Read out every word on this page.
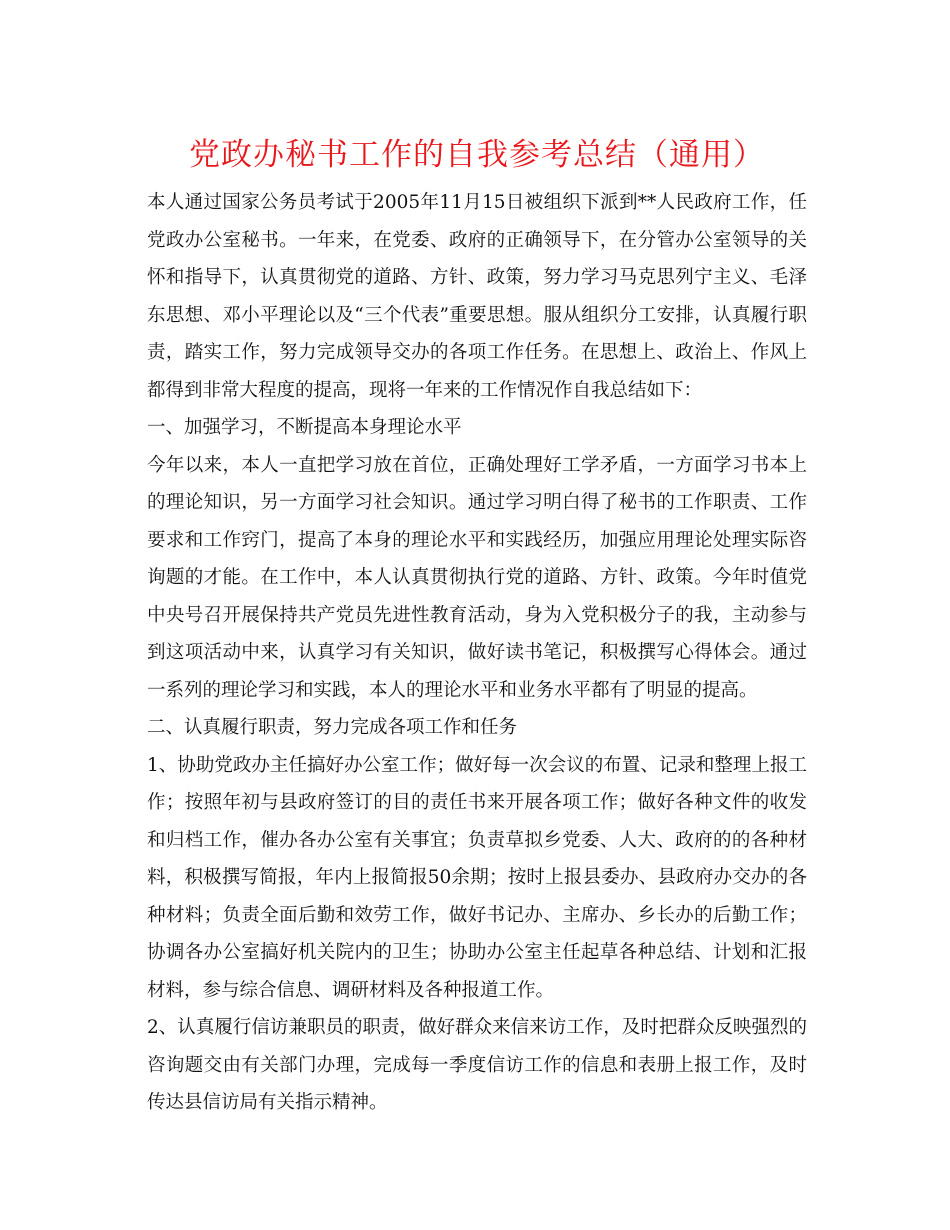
党政办秘书工作的自我参考总结（通用）

本人通过国家公务员考试于2005年11月15日被组织下派到**人民政府工作，任党政办公室秘书。一年来，在党委、政府的正确领导下，在分管办公室领导的关怀和指导下，认真贯彻党的道路、方针、政策，努力学习马克思列宁主义、毛泽东思想、邓小平理论以及“三个代表”重要思想。服从组织分工安排，认真履行职责，踏实工作，努力完成领导交办的各项工作任务。在思想上、政治上、作风上都得到非常大程度的提高，现将一年来的工作情况作自我总结如下：

一、加强学习，不断提高本身理论水平

今年以来，本人一直把学习放在首位，正确处理好工学矛盾，一方面学习书本上的理论知识，另一方面学习社会知识。通过学习明白得了秘书的工作职责、工作要求和工作窍门，提高了本身的理论水平和实践经历，加强应用理论处理实际咨询题的才能。在工作中，本人认真贯彻执行党的道路、方针、政策。今年时值党中央号召开展保持共产党员先进性教育活动，身为入党积极分子的我，主动参与到这项活动中来，认真学习有关知识，做好读书笔记，积极撰写心得体会。通过一系列的理论学习和实践，本人的理论水平和业务水平都有了明显的提高。

二、认真履行职责，努力完成各项工作和任务

1、协助党政办主任搞好办公室工作；做好每一次会议的布置、记录和整理上报工作；按照年初与县政府签订的目的责任书来开展各项工作；做好各种文件的收发和归档工作，催办各办公室有关事宜；负责草拟乡党委、人大、政府的的各种材料，积极撰写简报，年内上报简报50余期；按时上报县委办、县政府办交办的各种材料；负责全面后勤和效劳工作，做好书记办、主席办、乡长办的后勤工作；协调各办公室搞好机关院内的卫生；协助办公室主任起草各种总结、计划和汇报材料，参与综合信息、调研材料及各种报道工作。

2、认真履行信访兼职员的职责，做好群众来信来访工作，及时把群众反映强烈的咨询题交由有关部门办理，完成每一季度信访工作的信息和表册上报工作，及时传达县信访局有关指示精神。
